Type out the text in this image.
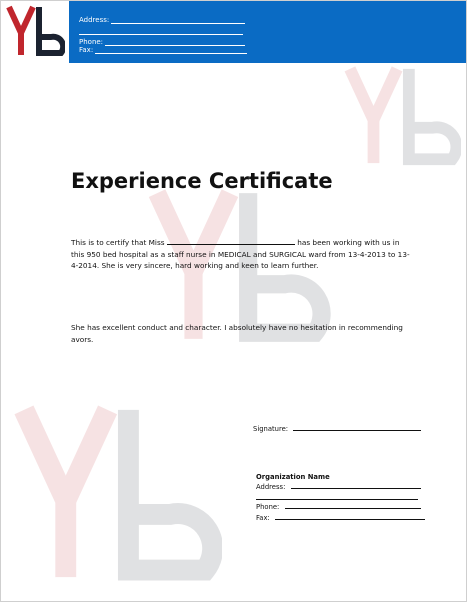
Address:
Phone:
Fax:
Experience Certificate
This is to certify that Miss	has been working with us in this 950 bed hospital as a staff nurse in MEDICAL and SURGICAL ward from 13-4-2013 to 13-4-2014. She is very sincere, hard working and keen to learn further.
She has excellent conduct and character. I absolutely have no hesitation in recommending avors.
Signature:
Organization Name
Address:
Phone:
Fax:
